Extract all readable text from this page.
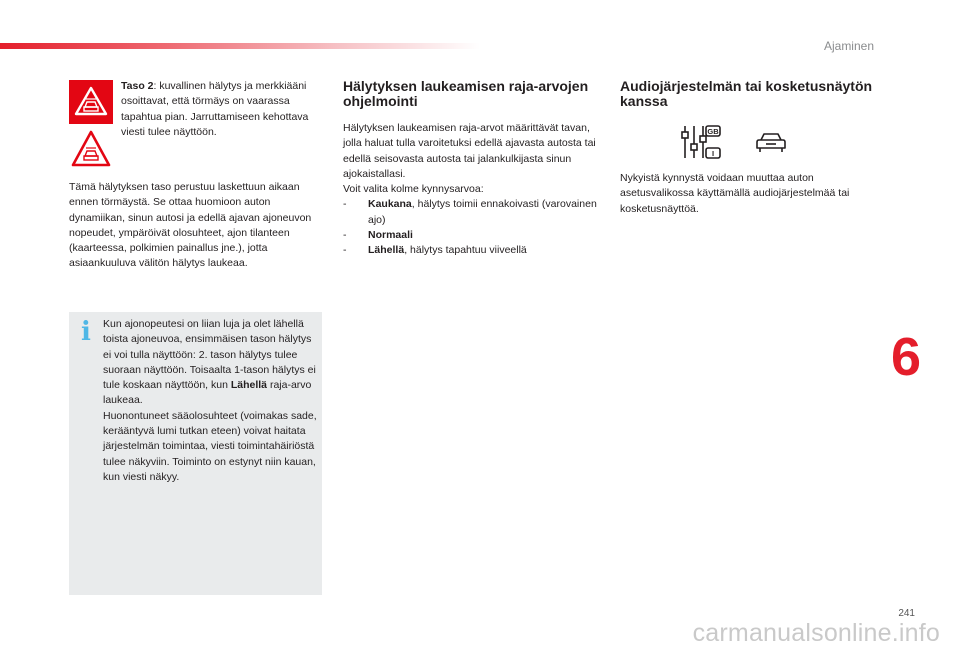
Ajaminen
6
241
carmanualsonline.info
Taso 2: kuvallinen hälytys ja merkkiääni osoittavat, että törmäys on vaarassa tapahtua pian. Jarruttamiseen kehottava viesti tulee näyttöön.
Tämä hälytyksen taso perustuu laskettuun aikaan ennen törmäystä. Se ottaa huomioon auton dynamiikan, sinun autosi ja edellä ajavan ajoneuvon nopeudet, ympäröivät olosuhteet, ajon tilanteen (kaarteessa, polkimien painallus jne.), jotta asiaankuuluva välitön hälytys laukeaa.
i Kun ajonopeutesi on liian luja ja olet lähellä toista ajoneuvoa, ensimmäisen tason hälytys ei voi tulla näyttöön: 2. tason hälytys tulee suoraan näyttöön. Toisaalta 1-tason hälytys ei tule koskaan näyttöön, kun Lähellä raja-arvo laukeaa.

Huonontuneet sääolosuhteet (voimakas sade, kerääntyvä lumi tutkan eteen) voivat haitata järjestelmän toimintaa, viesti toimintahäiriöstä tulee näkyviin. Toiminto on estynyt niin kauan, kun viesti näkyy.

Hälytyksen laukeamisen raja-arvojen ohjelmointi

Hälytyksen laukeamisen raja-arvot määrittävät tavan, jolla haluat tulla varoitetuksi edellä ajavasta autosta tai edellä seisovasta autosta tai jalankulkijasta sinun ajokaistallasi.

Voit valita kolme kynnysarvoa:

-	Kaukana, hälytys toimii ennakoivasti (varovainen ajo)
-	Normaali
-	Lähellä, hälytys tapahtuu viiveellä
Audiojärjestelmän tai kosketusnäytön kanssa
GB
I
Nykyistä kynnystä voidaan muuttaa auton asetusvalikossa käyttämällä audiojärjestelmää tai kosketusnäyttöä.
